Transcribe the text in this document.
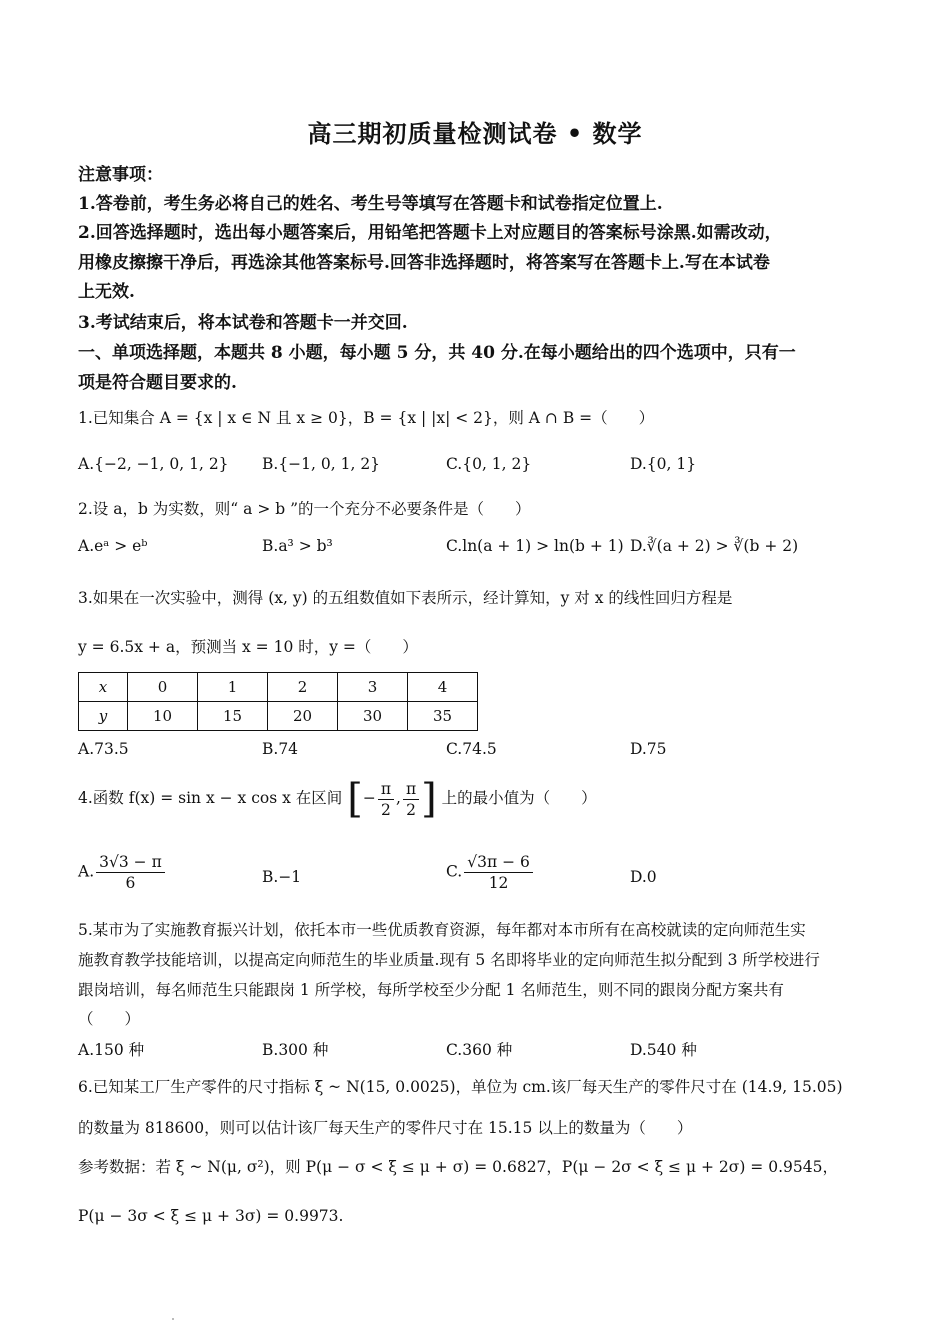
高三期初质量检测试卷 • 数学
注意事项：
1.答卷前，考生务必将自己的姓名、考生号等填写在答题卡和试卷指定位置上.
2.回答选择题时，选出每小题答案后，用铅笔把答题卡上对应题目的答案标号涂黑.如需改动，
用橡皮擦擦干净后，再选涂其他答案标号.回答非选择题时，将答案写在答题卡上.写在本试卷
上无效.
3.考试结束后，将本试卷和答题卡一并交回.
一、单项选择题，本题共 8 小题，每小题 5 分，共 40 分.在每小题给出的四个选项中，只有一
项是符合题目要求的.
1.已知集合 A = {x | x ∈ N 且 x ≥ 0}，B = {x | |x| < 2}，则 A ∩ B =（　　）
A.{−2, −1, 0, 1, 2} B.{−1, 0, 1, 2}	C.{0, 1, 2}	D.{0, 1}
2.设 a，b 为实数，则“ a > b ”的一个充分不必要条件是（　　）
A.eᵃ > eᵇ	B.a³ > b³	C.ln(a + 1) > ln(b + 1) D.∛(a + 2) > ∛(b + 2)
3.如果在一次实验中，测得 (x, y) 的五组数值如下表所示，经计算知，y 对 x 的线性回归方程是
y = 6.5x + a，预测当 x = 10 时，y =（　　）
x	0	1	2	3	4
y	10	15	20	30	35
A.73.5	B.74	C.74.5	D.75
4.函数 f(x) = sin x − x cos x 在区间 [− $\frac{\pi}{2}$ , $\frac{\pi}{2}$ ] 上的最小值为（　　）
A. $\frac{3√3 - \pi}{6}$	B.−1	C. $\frac{√3\pi - 6}{12}$	D.0
5.某市为了实施教育振兴计划，依托本市一些优质教育资源，每年都对本市所有在高校就读的定向师范生实
施教育教学技能培训，以提高定向师范生的毕业质量.现有 5 名即将毕业的定向师范生拟分配到 3 所学校进行
跟岗培训，每名师范生只能跟岗 1 所学校，每所学校至少分配 1 名师范生，则不同的跟岗分配方案共有
（　　）
A.150 种	B.300 种	C.360 种	D.540 种
6.已知某工厂生产零件的尺寸指标 ξ ~ N(15, 0.0025)，单位为 cm.该厂每天生产的零件尺寸在 (14.9, 15.05)
的数量为 818600，则可以估计该厂每天生产的零件尺寸在 15.15 以上的数量为（　　）
参考数据：若 ξ ~ N(μ, σ²)，则 P(μ − σ < ξ ≤ μ + σ) = 0.6827，P(μ − 2σ < ξ ≤ μ + 2σ) = 0.9545，
P(μ − 3σ < ξ ≤ μ + 3σ) = 0.9973.
